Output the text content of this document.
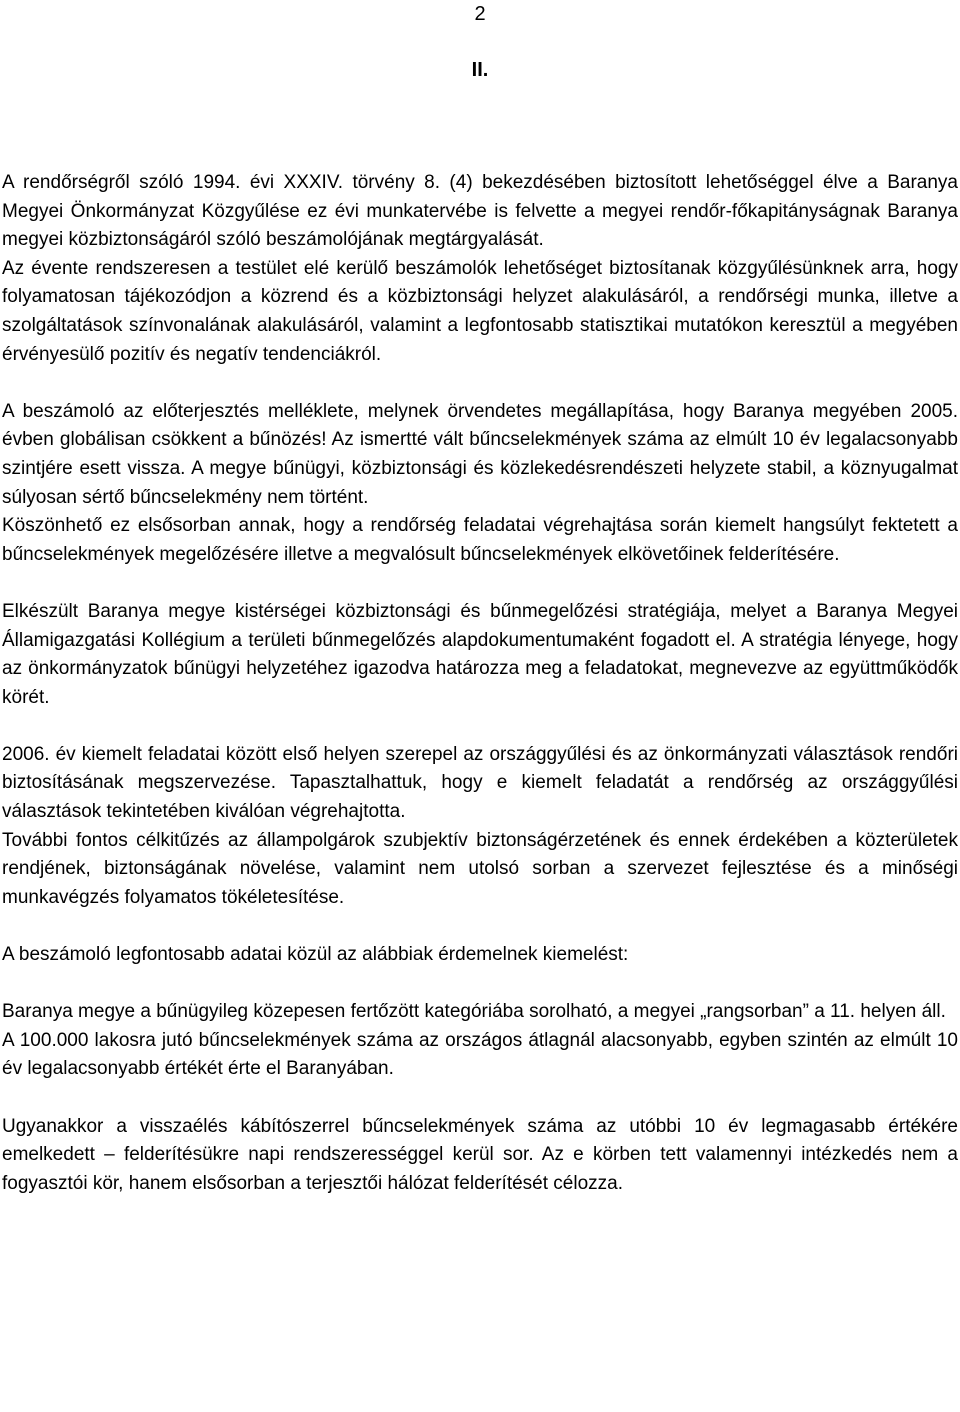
2
II.

A rendőrségről szóló 1994. évi XXXIV. törvény 8. (4) bekezdésében biztosított lehetőséggel élve a Baranya Megyei Önkormányzat Közgyűlése ez évi munkatervébe is felvette a megyei rendőr-főkapitányságnak Baranya megyei közbiztonságáról szóló beszámolójának megtárgyalását.

Az évente rendszeresen a testület elé kerülő beszámolók lehetőséget biztosítanak közgyűlésünknek arra, hogy folyamatosan tájékozódjon a közrend és a közbiztonsági helyzet alakulásáról, a rendőrségi munka, illetve a szolgáltatások színvonalának alakulásáról, valamint a legfontosabb statisztikai mutatókon keresztül a megyében érvényesülő pozitív és negatív tendenciákról.

A beszámoló az előterjesztés melléklete, melynek örvendetes megállapítása, hogy Baranya megyében 2005. évben globálisan csökkent a bűnözés! Az ismertté vált bűncselekmények száma az elmúlt 10 év legalacsonyabb szintjére esett vissza. A megye bűnügyi, közbiztonsági és közlekedésrendészeti helyzete stabil, a köznyugalmat súlyosan sértő bűncselekmény nem történt.

Köszönhető ez elsősorban annak, hogy a rendőrség feladatai végrehajtása során kiemelt hangsúlyt fektetett a bűncselekmények megelőzésére illetve a megvalósult bűncselekmények elkövetőinek felderítésére.

Elkészült Baranya megye kistérségei közbiztonsági és bűnmegelőzési stratégiája, melyet a Baranya Megyei Államigazgatási Kollégium a területi bűnmegelőzés alapdokumentumaként fogadott el. A stratégia lényege, hogy az önkormányzatok bűnügyi helyzetéhez igazodva határozza meg a feladatokat, megnevezve az együttműködők körét.

2006. év kiemelt feladatai között első helyen szerepel az országgyűlési és az önkormányzati választások rendőri biztosításának megszervezése. Tapasztalhattuk, hogy e kiemelt feladatát a rendőrség az országgyűlési választások tekintetében kiválóan végrehajtotta.

További fontos célkitűzés az állampolgárok szubjektív biztonságérzetének és ennek érdekében a közterületek rendjének, biztonságának növelése, valamint nem utolsó sorban a szervezet fejlesztése és a minőségi munkavégzés folyamatos tökéletesítése.

A beszámoló legfontosabb adatai közül az alábbiak érdemelnek kiemelést:

Baranya megye a bűnügyileg közepesen fertőzött kategóriába sorolható, a megyei „rangsorban” a 11. helyen áll.

A 100.000 lakosra jutó bűncselekmények száma az országos átlagnál alacsonyabb, egyben szintén az elmúlt 10 év legalacsonyabb értékét érte el Baranyában.

Ugyanakkor a visszaélés kábítószerrel bűncselekmények száma az utóbbi 10 év legmagasabb értékére emelkedett – felderítésükre napi rendszerességgel kerül sor. Az e körben tett valamennyi intézkedés nem a fogyasztói kör, hanem elsősorban a terjesztői hálózat felderítését célozza.
